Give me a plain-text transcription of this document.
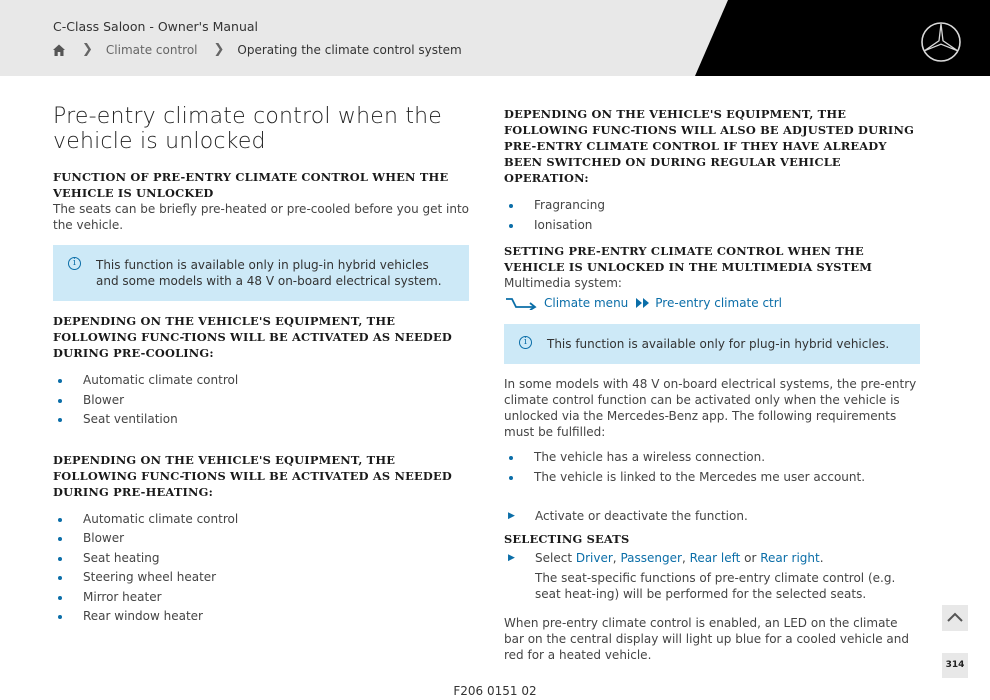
C-Class Saloon - Owner's Manual
❯ Climate control ❯ Operating the climate control system
Pre-entry climate control when the vehicle is unlocked
FUNCTION OF PRE-ENTRY CLIMATE CONTROL WHEN THE VEHICLE IS UNLOCKED
The seats can be briefly pre-heated or pre-cooled before you get into the vehicle.
i	This function is available only in plug-in hybrid vehicles and some models with a 48 V on-board electrical system.
DEPENDING ON THE VEHICLE'S EQUIPMENT, THE FOLLOWING FUNC-TIONS WILL BE ACTIVATED AS NEEDED DURING PRE-COOLING:
Automatic climate control
Blower
Seat ventilation
DEPENDING ON THE VEHICLE'S EQUIPMENT, THE FOLLOWING FUNC-TIONS WILL BE ACTIVATED AS NEEDED DURING PRE-HEATING:
Automatic climate control
Blower
Seat heating
Steering wheel heater
Mirror heater
Rear window heater
DEPENDING ON THE VEHICLE'S EQUIPMENT, THE FOLLOWING FUNC-TIONS WILL ALSO BE ADJUSTED DURING PRE-ENTRY CLIMATE CONTROL IF THEY HAVE ALREADY BEEN SWITCHED ON DURING REGULAR VEHICLE OPERATION:
Fragrancing
Ionisation
SETTING PRE-ENTRY CLIMATE CONTROL WHEN THE VEHICLE IS UNLOCKED IN THE MULTIMEDIA SYSTEM
Multimedia system:
Climate menu Pre-entry climate ctrl
i	This function is available only for plug-in hybrid vehicles.
In some models with 48 V on-board electrical systems, the pre-entry climate control function can be activated only when the vehicle is unlocked via the Mercedes-Benz app. The following requirements must be fulfilled:
The vehicle has a wireless connection.
The vehicle is linked to the Mercedes me user account.
▶ Activate or deactivate the function.
SELECTING SEATS
▶ Select Driver, Passenger, Rear left or Rear right.
The seat-specific functions of pre-entry climate control (e.g. seat heat-ing) will be performed for the selected seats.
When pre-entry climate control is enabled, an LED on the climate bar on the central display will light up blue for a cooled vehicle and red for a heated vehicle.
314
F206 0151 02
